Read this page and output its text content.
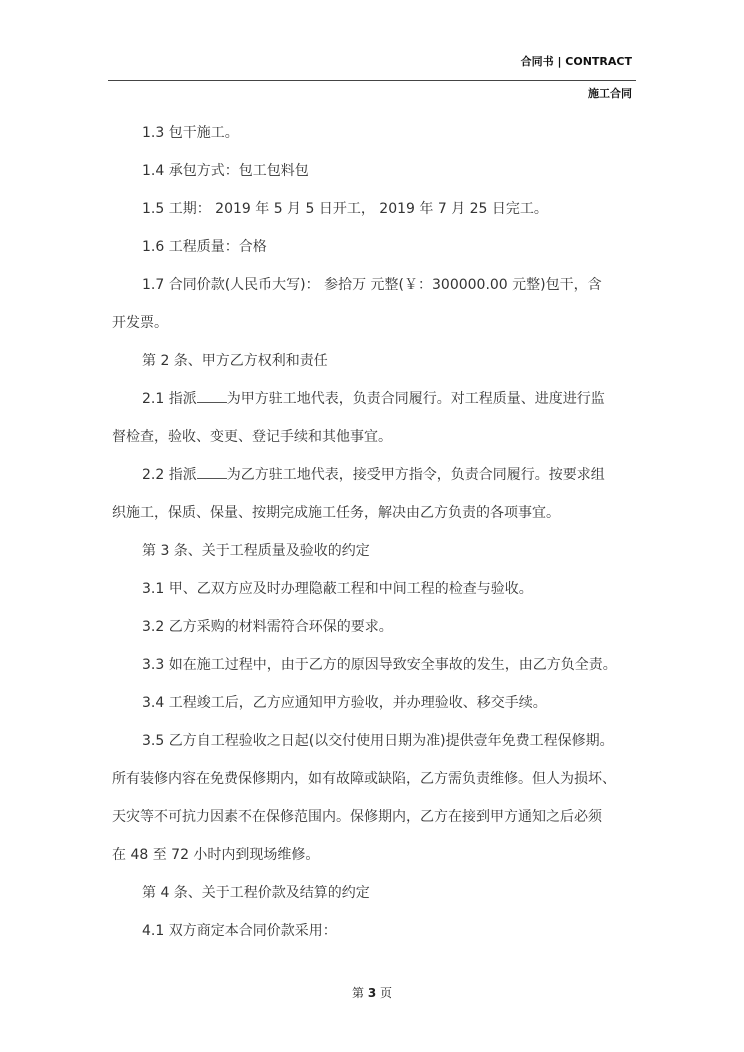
合同书 | CONTRACT
施工合同

1.3 包干施工。

1.4 承包方式：包工包料包

1.5 工期： 2019 年 5 月 5 日开工， 2019 年 7 月 25 日完工。

1.6 工程质量：合格

1.7 合同价款(人民币大写)： 参拾万 元整(￥：300000.00 元整)包干，含

开发票。

第 2 条、甲方乙方权利和责任

2.1 指派 为甲方驻工地代表，负责合同履行。对工程质量、进度进行监

督检查，验收、变更、登记手续和其他事宜。

2.2 指派 为乙方驻工地代表，接受甲方指令，负责合同履行。按要求组

织施工，保质、保量、按期完成施工任务，解决由乙方负责的各项事宜。

第 3 条、关于工程质量及验收的约定

3.1 甲、乙双方应及时办理隐蔽工程和中间工程的检查与验收。

3.2 乙方采购的材料需符合环保的要求。

3.3 如在施工过程中，由于乙方的原因导致安全事故的发生，由乙方负全责。

3.4 工程竣工后，乙方应通知甲方验收，并办理验收、移交手续。

3.5 乙方自工程验收之日起(以交付使用日期为准)提供壹年免费工程保修期。

所有装修内容在免费保修期内，如有故障或缺陷，乙方需负责维修。但人为损坏、

天灾等不可抗力因素不在保修范围内。保修期内，乙方在接到甲方通知之后必须

在 48 至 72 小时内到现场维修。

第 4 条、关于工程价款及结算的约定

4.1 双方商定本合同价款采用：

第 3 页
